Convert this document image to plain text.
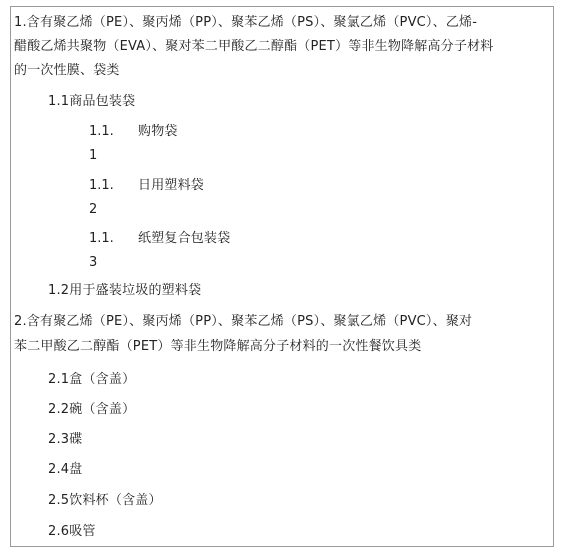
1.含有聚乙烯（PE）、聚丙烯（PP）、聚苯乙烯（PS）、聚氯乙烯（PVC）、乙烯-
醋酸乙烯共聚物（EVA）、聚对苯二甲酸乙二醇酯（PET）等非生物降解高分子材料
的一次性膜、袋类
1.1商品包装袋
1.1.
1
购物袋
1.1.
2
日用塑料袋
1.1.
3
纸塑复合包装袋
1.2用于盛装垃圾的塑料袋
2.含有聚乙烯（PE）、聚丙烯（PP）、聚苯乙烯（PS）、聚氯乙烯（PVC）、聚对
苯二甲酸乙二醇酯（PET）等非生物降解高分子材料的一次性餐饮具类
2.1盒（含盖）
2.2碗（含盖）
2.3碟
2.4盘
2.5饮料杯（含盖）
2.6吸管
